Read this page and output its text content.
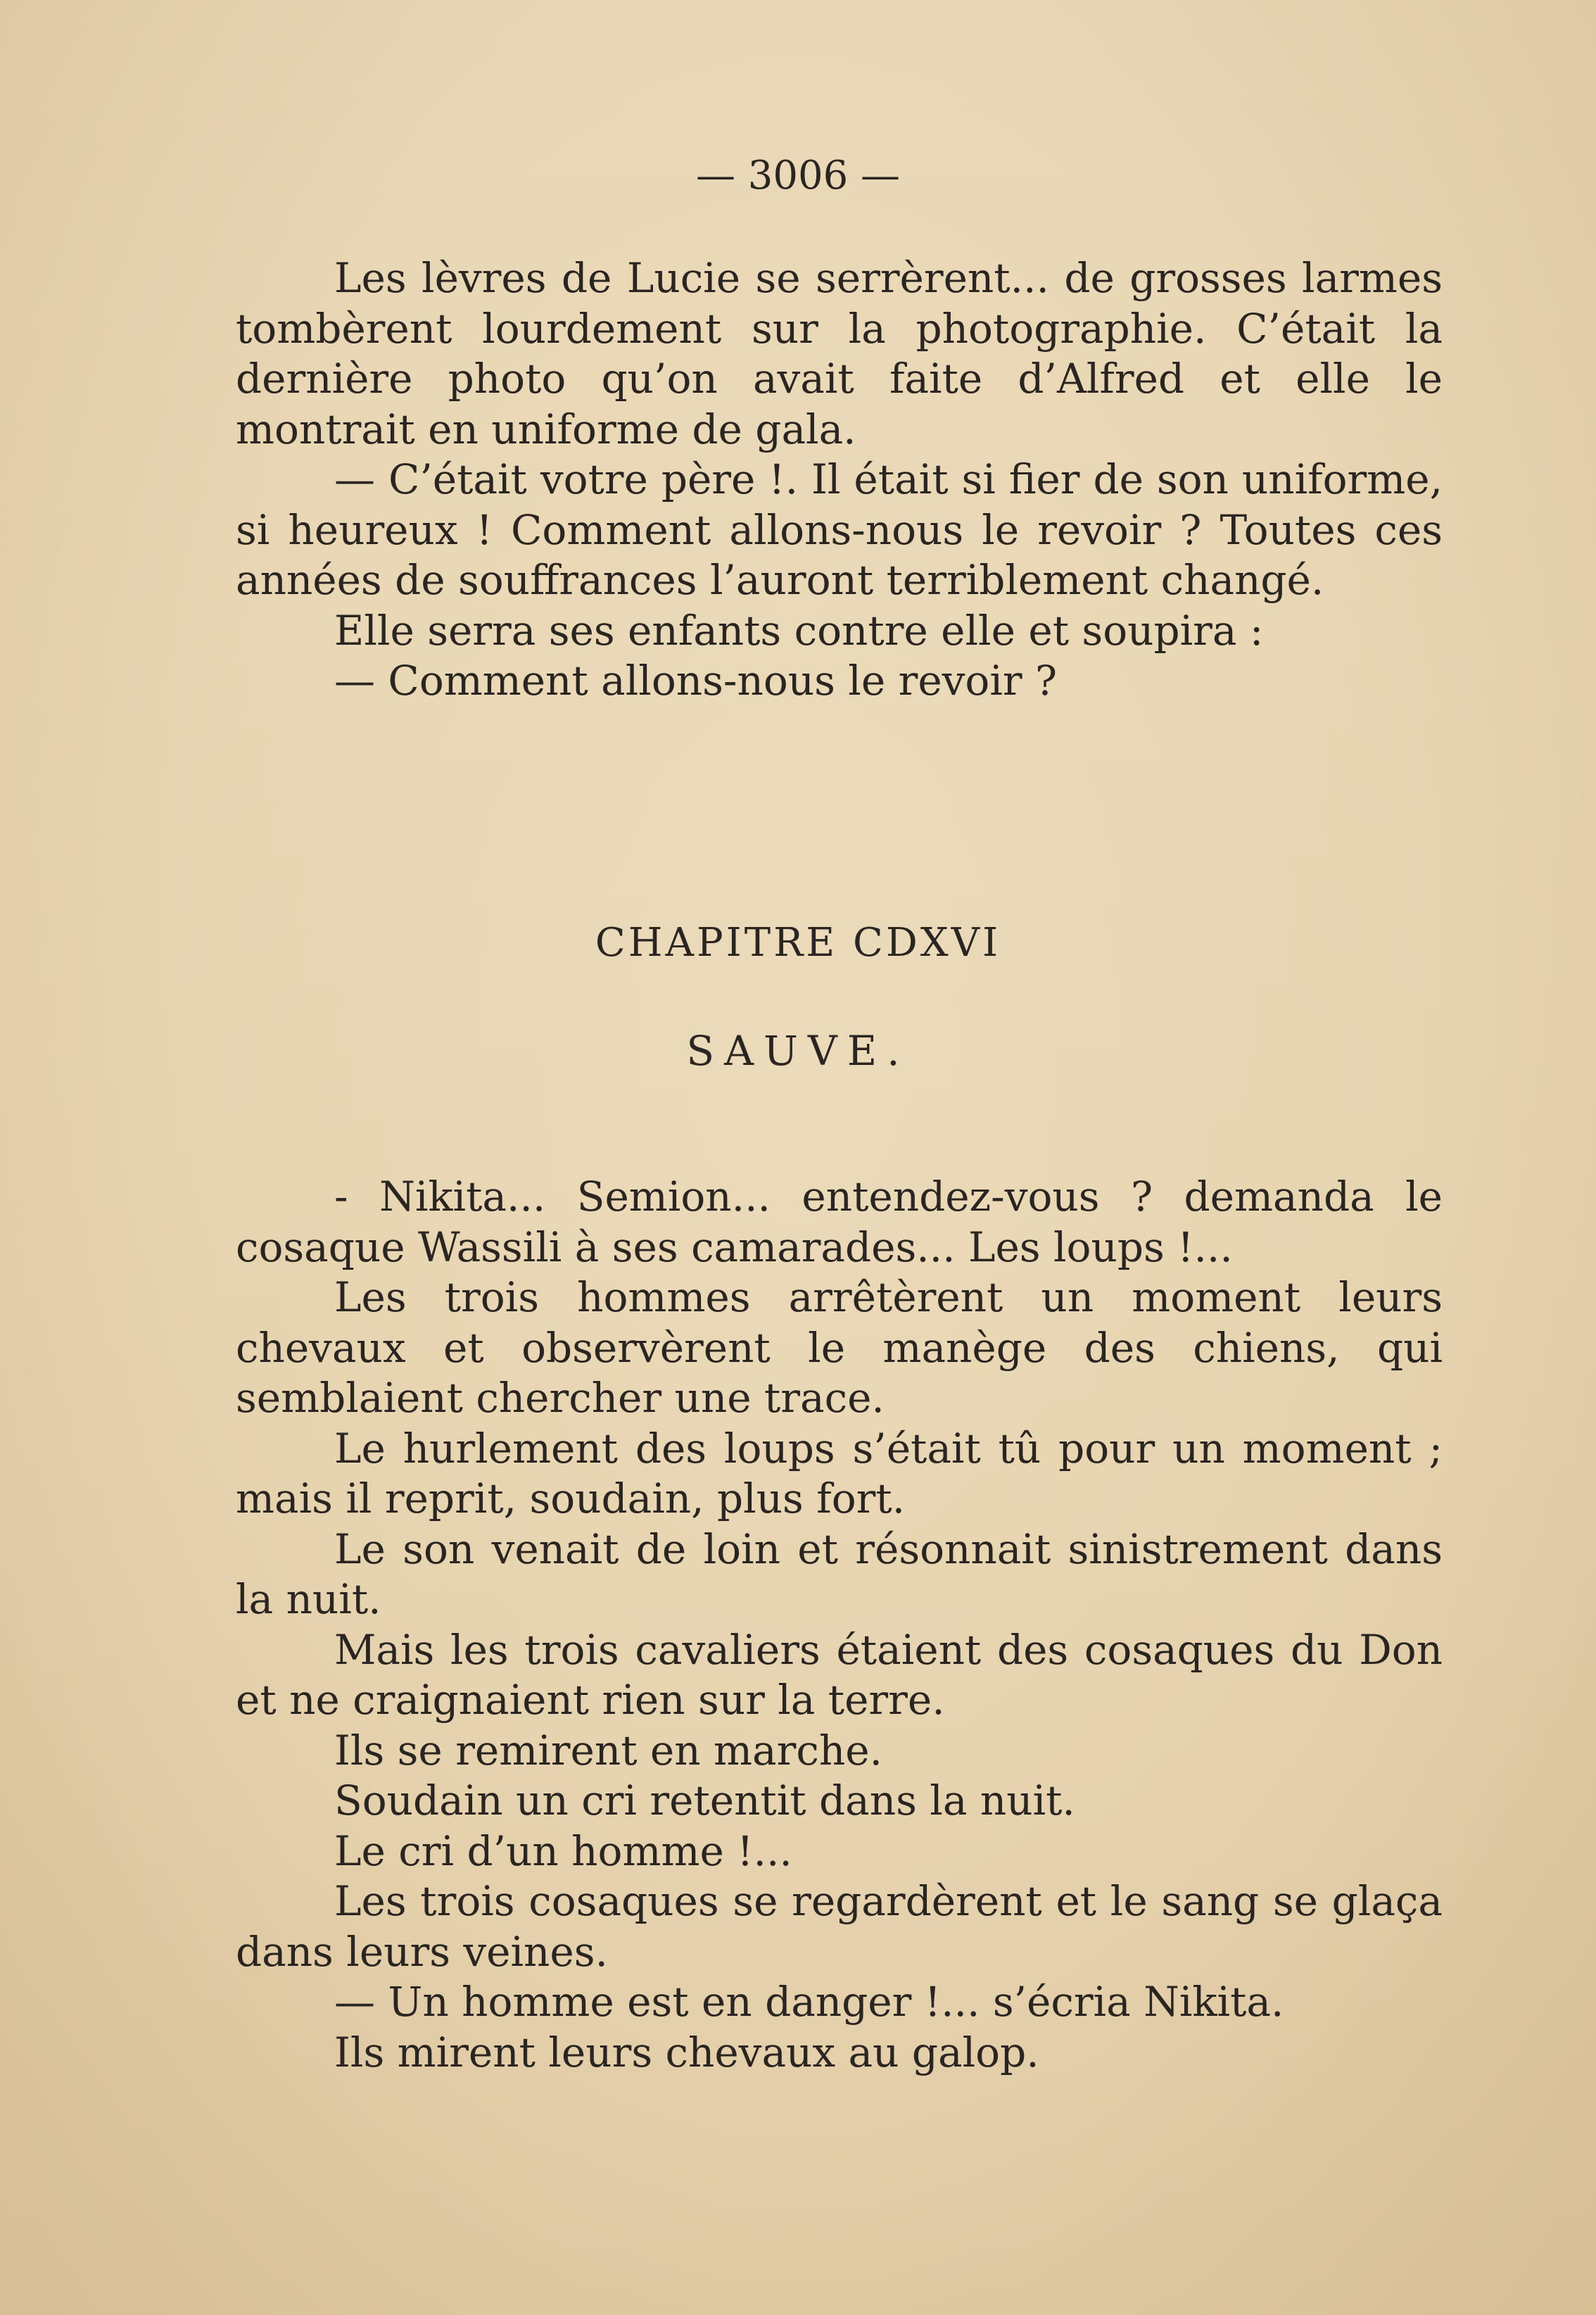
— 3006 —

Les lèvres de Lucie se serrèrent... de grosses larmes tombèrent lourdement sur la photographie. C’était la dernière photo qu’on avait faite d’Alfred et elle le montrait en uniforme de gala.

— C’était votre père !. Il était si fier de son uniforme, si heureux ! Comment allons-nous le revoir ? Toutes ces années de souffrances l’auront terriblement changé.

Elle serra ses enfants contre elle et soupira :

— Comment allons-nous le revoir ?

CHAPITRE CDXVI
SAUVE.

- Nikita... Semion... entendez-vous ? demanda le cosaque Wassili à ses camarades... Les loups !...

Les trois hommes arrêtèrent un moment leurs chevaux et observèrent le manège des chiens, qui semblaient chercher une trace.

Le hurlement des loups s’était tû pour un moment ; mais il reprit, soudain, plus fort.

Le son venait de loin et résonnait sinistrement dans la nuit.

Mais les trois cavaliers étaient des cosaques du Don et ne craignaient rien sur la terre.

Ils se remirent en marche.

Soudain un cri retentit dans la nuit.

Le cri d’un homme !...

Les trois cosaques se regardèrent et le sang se glaça dans leurs veines.

— Un homme est en danger !... s’écria Nikita.

Ils mirent leurs chevaux au galop.
